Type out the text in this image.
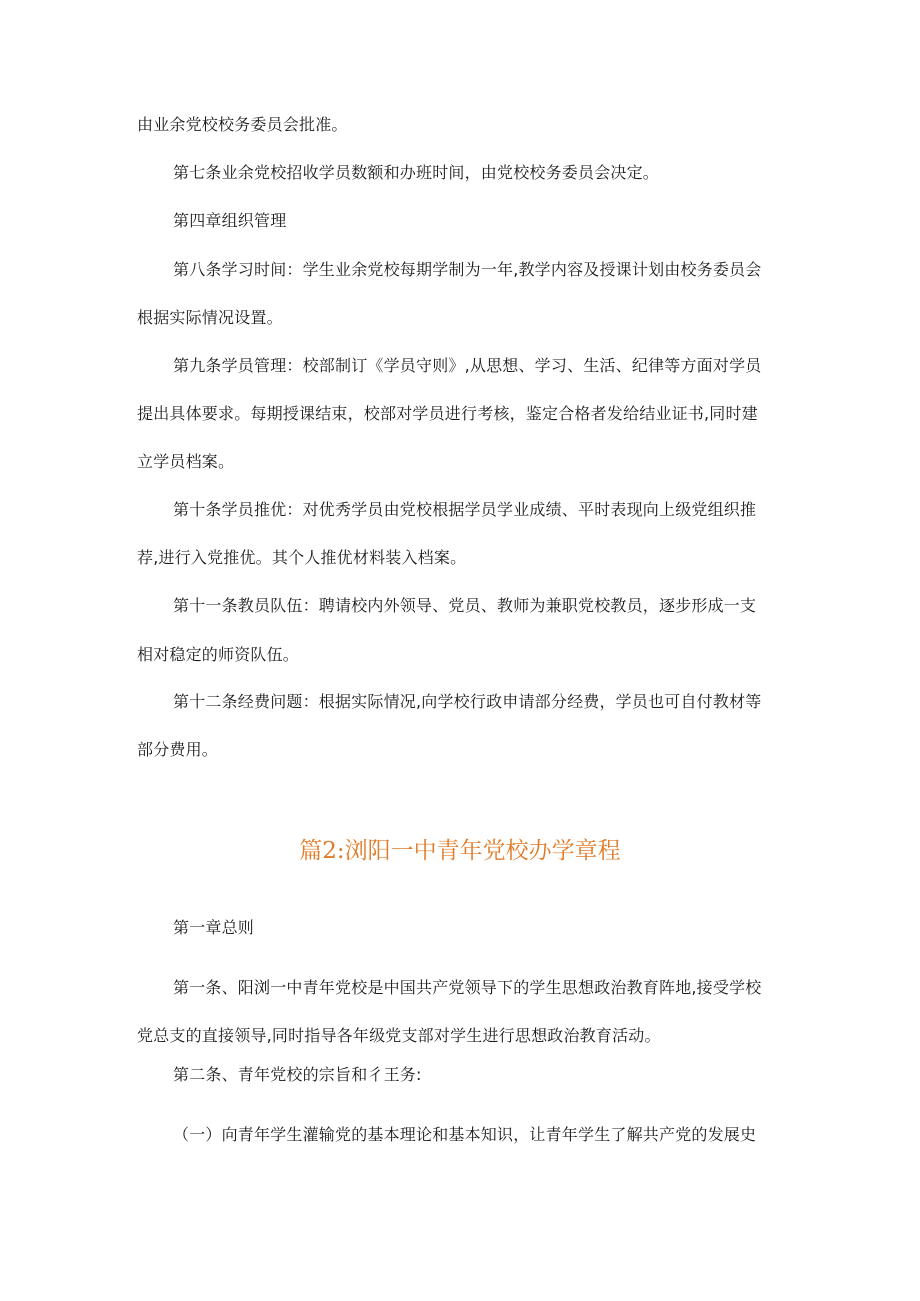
由业余党校校务委员会批准。
第七条业余党校招收学员数额和办班时间，由党校校务委员会决定。
第四章组织管理
第八条学习时间：学生业余党校每期学制为一年,教学内容及授课计划由校务委员会
根据实际情况设置。
第九条学员管理：校部制订《学员守则》,从思想、学习、生活、纪律等方面对学员
提出具体要求。每期授课结束，校部对学员进行考核，鉴定合格者发给结业证书,同时建
立学员档案。
第十条学员推优：对优秀学员由党校根据学员学业成绩、平时表现向上级党组织推
荐,进行入党推优。其个人推优材料装入档案。
第十一条教员队伍：聘请校内外领导、党员、教师为兼职党校教员，逐步形成一支
相对稳定的师资队伍。
第十二条经费问题：根据实际情况,向学校行政申请部分经费，学员也可自付教材等
部分费用。
篇2:浏阳一中青年党校办学章程
第一章总则
第一条、阳浏一中青年党校是中国共产党领导下的学生思想政治教育阵地,接受学校
党总支的直接领导,同时指导各年级党支部对学生进行思想政治教育活动。
第二条、青年党校的宗旨和彳王务:
（一）向青年学生灌输党的基本理论和基本知识，让青年学生了解共产党的发展史
